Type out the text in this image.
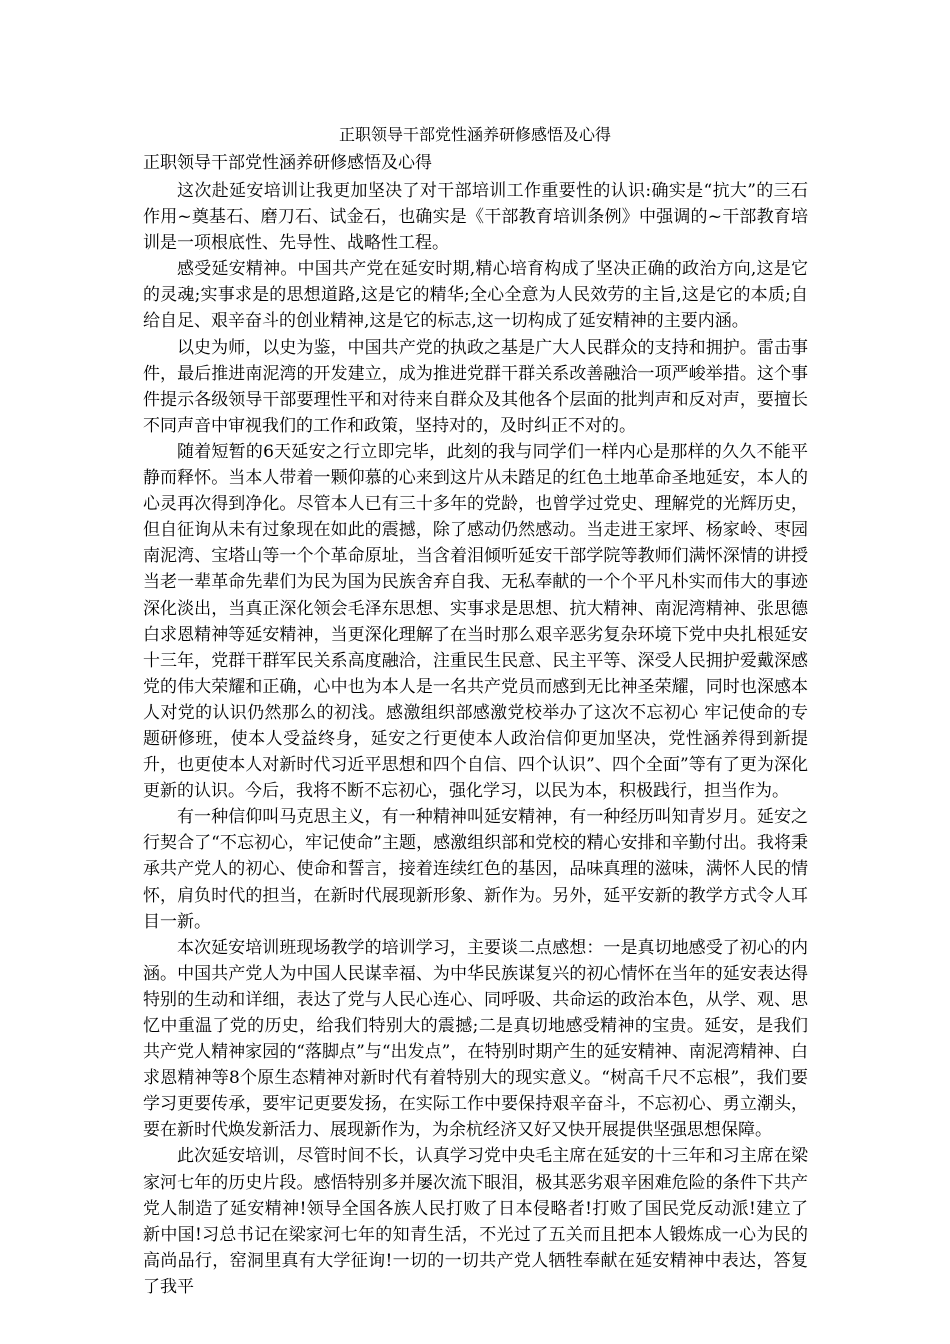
正职领导干部党性涵养研修感悟及心得
正职领导干部党性涵养研修感悟及心得

这次赴延安培训让我更加坚决了对干部培训工作重要性的认识:确实是“抗大”的三石作用~奠基石、磨刀石、试金石，也确实是《干部教育培训条例》中强调的~干部教育培训是一项根底性、先导性、战略性工程。

感受延安精神。中国共产党在延安时期,精心培育构成了坚决正确的政治方向,这是它的灵魂;实事求是的思想道路,这是它的精华;全心全意为人民效劳的主旨,这是它的本质;自给自足、艰辛奋斗的创业精神,这是它的标志,这一切构成了延安精神的主要内涵。

以史为师，以史为鉴，中国共产党的执政之基是广大人民群众的支持和拥护。雷击事件，最后推进南泥湾的开发建立，成为推进党群干群关系改善融洽一项严峻举措。这个事件提示各级领导干部要理性平和对待来自群众及其他各个层面的批判声和反对声，要擅长不同声音中审视我们的工作和政策，坚持对的，及时纠正不对的。

随着短暂的6天延安之行立即完毕，此刻的我与同学们一样内心是那样的久久不能平静而释怀。当本人带着一颗仰慕的心来到这片从未踏足的红色土地革命圣地延安，本人的心灵再次得到净化。尽管本人已有三十多年的党龄，也曾学过党史、理解党的光辉历史，但自征询从未有过象现在如此的震撼，除了感动仍然感动。当走进王家坪、杨家岭、枣园南泥湾、宝塔山等一个个革命原址，当含着泪倾听延安干部学院等教师们满怀深情的讲授当老一辈革命先辈们为民为国为民族舍弃自我、无私奉献的一个个平凡朴实而伟大的事迹深化淡出，当真正深化领会毛泽东思想、实事求是思想、抗大精神、南泥湾精神、张思德白求恩精神等延安精神，当更深化理解了在当时那么艰辛恶劣复杂环境下党中央扎根延安十三年，党群干群军民关系高度融洽，注重民生民意、民主平等、深受人民拥护爱戴深感党的伟大荣耀和正确，心中也为本人是一名共产党员而感到无比神圣荣耀，同时也深感本人对党的认识仍然那么的初浅。感激组织部感激党校举办了这次不忘初心 牢记使命的专题研修班，使本人受益终身，延安之行更使本人政治信仰更加坚决，党性涵养得到新提升，也更使本人对新时代习近平思想和四个自信、四个认识”、四个全面”等有了更为深化更新的认识。今后，我将不断不忘初心，强化学习，以民为本，积极践行，担当作为。

有一种信仰叫马克思主义，有一种精神叫延安精神，有一种经历叫知青岁月。延安之行契合了“不忘初心，牢记使命”主题，感激组织部和党校的精心安排和辛勤付出。我将秉承共产党人的初心、使命和誓言，接着连续红色的基因，品味真理的滋味，满怀人民的情怀，肩负时代的担当，在新时代展现新形象、新作为。另外，延平安新的教学方式令人耳目一新。

本次延安培训班现场教学的培训学习，主要谈二点感想：一是真切地感受了初心的内涵。中国共产党人为中国人民谋幸福、为中华民族谋复兴的初心情怀在当年的延安表达得特别的生动和详细，表达了党与人民心连心、同呼吸、共命运的政治本色，从学、观、思忆中重温了党的历史，给我们特别大的震撼;二是真切地感受精神的宝贵。延安，是我们共产党人精神家园的“落脚点”与“出发点”，在特别时期产生的延安精神、南泥湾精神、白求恩精神等8个原生态精神对新时代有着特别大的现实意义。“树高千尺不忘根”，我们要学习更要传承，要牢记更要发扬，在实际工作中要保持艰辛奋斗，不忘初心、勇立潮头，要在新时代焕发新活力、展现新作为，为余杭经济又好又快开展提供坚强思想保障。

此次延安培训，尽管时间不长，认真学习党中央毛主席在延安的十三年和习主席在梁家河七年的历史片段。感悟特别多并屡次流下眼泪，极其恶劣艰辛困难危险的条件下共产党人制造了延安精神!领导全国各族人民打败了日本侵略者!打败了国民党反动派!建立了新中国!习总书记在梁家河七年的知青生活，不光过了五关而且把本人锻炼成一心为民的高尚品行，窑洞里真有大学征询!一切的一切共产党人牺牲奉献在延安精神中表达，答复了我平
